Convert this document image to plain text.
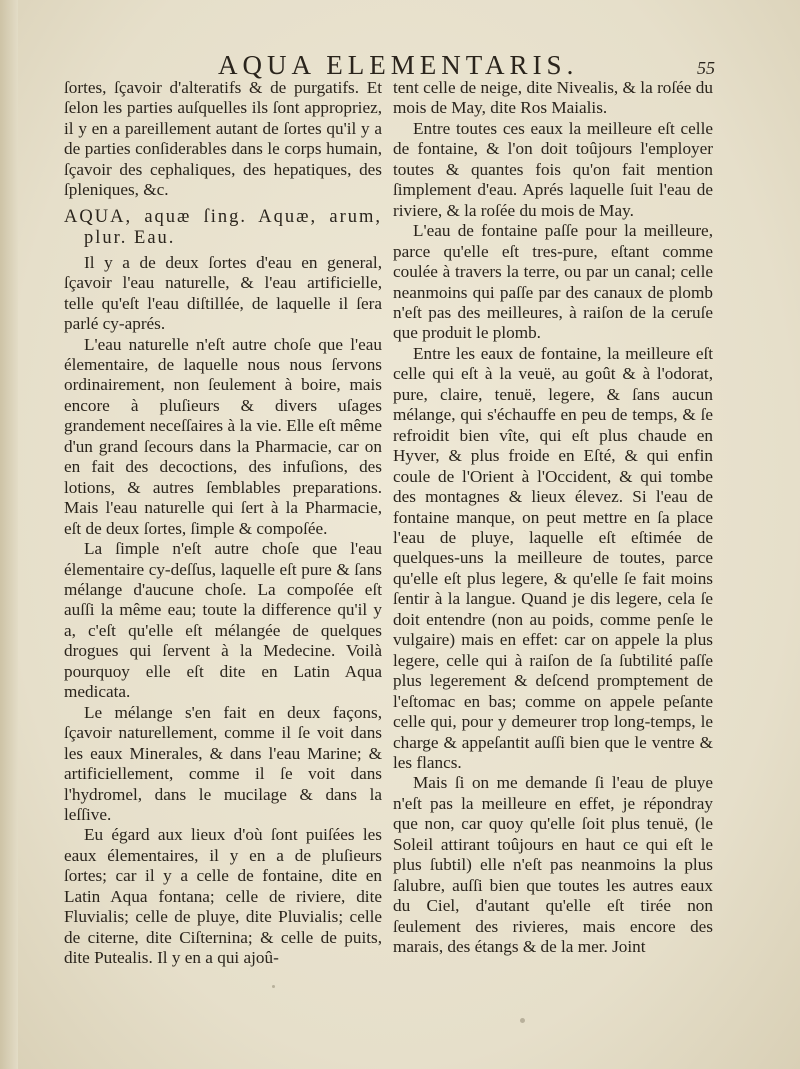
AQUA ELEMENTARIS.	55

ſortes, ſçavoir d'alteratifs & de purgatifs. Et ſelon les parties auſquelles ils ſont appropriez, il y en a pareillement autant de ſortes qu'il y a de parties conſiderables dans le corps humain, ſçavoir des cephaliques, des hepatiques, des ſpleniques, &c.

AQUA, aquæ ſing. Aquæ, arum, plur. Eau.

Il y a de deux ſortes d'eau en general, ſçavoir l'eau naturelle, & l'eau artificielle, telle qu'eſt l'eau diſtillée, de laquelle il ſera parlé cy-aprés.

L'eau naturelle n'eſt autre choſe que l'eau élementaire, de laquelle nous nous ſervons ordinairement, non ſeulement à boire, mais encore à pluſieurs & divers uſages grandement neceſſaires à la vie. Elle eſt même d'un grand ſecours dans la Pharmacie, car on en fait des decoctions, des infuſions, des lotions, & autres ſemblables preparations. Mais l'eau naturelle qui ſert à la Pharmacie, eſt de deux ſortes, ſimple & compoſée.

La ſimple n'eſt autre choſe que l'eau élementaire cy-deſſus, laquelle eſt pure & ſans mélange d'aucune choſe. La compoſée eſt auſſi la même eau; toute la difference qu'il y a, c'eſt qu'elle eſt mélangée de quelques drogues qui ſervent à la Medecine. Voilà pourquoy elle eſt dite en Latin Aqua medicata.

Le mélange s'en fait en deux façons, ſçavoir naturellement, comme il ſe voit dans les eaux Minerales, & dans l'eau Marine; & artificiellement, comme il ſe voit dans l'hydromel, dans le mucilage & dans la leſſive.

Eu égard aux lieux d'où ſont puiſées les eaux élementaires, il y en a de pluſieurs ſortes; car il y a celle de fontaine, dite en Latin Aqua fontana; celle de riviere, dite Fluvialis; celle de pluye, dite Pluvialis; celle de citerne, dite Ciſternina; & celle de puits, dite Putealis. Il y en a qui ajoû-

tent celle de neige, dite Nivealis, & la roſée du mois de May, dite Ros Maialis.

Entre toutes ces eaux la meilleure eſt celle de fontaine, & l'on doit toûjours l'employer toutes & quantes fois qu'on fait mention ſimplement d'eau. Aprés laquelle ſuit l'eau de riviere, & la roſée du mois de May.

L'eau de fontaine paſſe pour la meilleure, parce qu'elle eſt tres-pure, eſtant comme coulée à travers la terre, ou par un canal; celle neanmoins qui paſſe par des canaux de plomb n'eſt pas des meilleures, à raiſon de la ceruſe que produit le plomb.

Entre les eaux de fontaine, la meilleure eſt celle qui eſt à la veuë, au goût & à l'odorat, pure, claire, tenuë, legere, & ſans aucun mélange, qui s'échauffe en peu de temps, & ſe refroidit bien vîte, qui eſt plus chaude en Hyver, & plus froide en Eſté, & qui enfin coule de l'Orient à l'Occident, & qui tombe des montagnes & lieux élevez. Si l'eau de fontaine manque, on peut mettre en ſa place l'eau de pluye, laquelle eſt eſtimée de quelques-uns la meilleure de toutes, parce qu'elle eſt plus legere, & qu'elle ſe fait moins ſentir à la langue. Quand je dis legere, cela ſe doit entendre (non au poids, comme penſe le vulgaire) mais en effet: car on appele la plus legere, celle qui à raiſon de ſa ſubtilité paſſe plus legerement & deſcend promptement de l'eſtomac en bas; comme on appele peſante celle qui, pour y demeurer trop long-temps, le charge & appeſantit auſſi bien que le ventre & les flancs.

Mais ſi on me demande ſi l'eau de pluye n'eſt pas la meilleure en effet, je répondray que non, car quoy qu'elle ſoit plus tenuë, (le Soleil attirant toûjours en haut ce qui eſt le plus ſubtil) elle n'eſt pas neanmoins la plus ſalubre, auſſi bien que toutes les autres eaux du Ciel, d'autant qu'elle eſt tirée non ſeulement des rivieres, mais encore des marais, des étangs & de la mer. Joint
